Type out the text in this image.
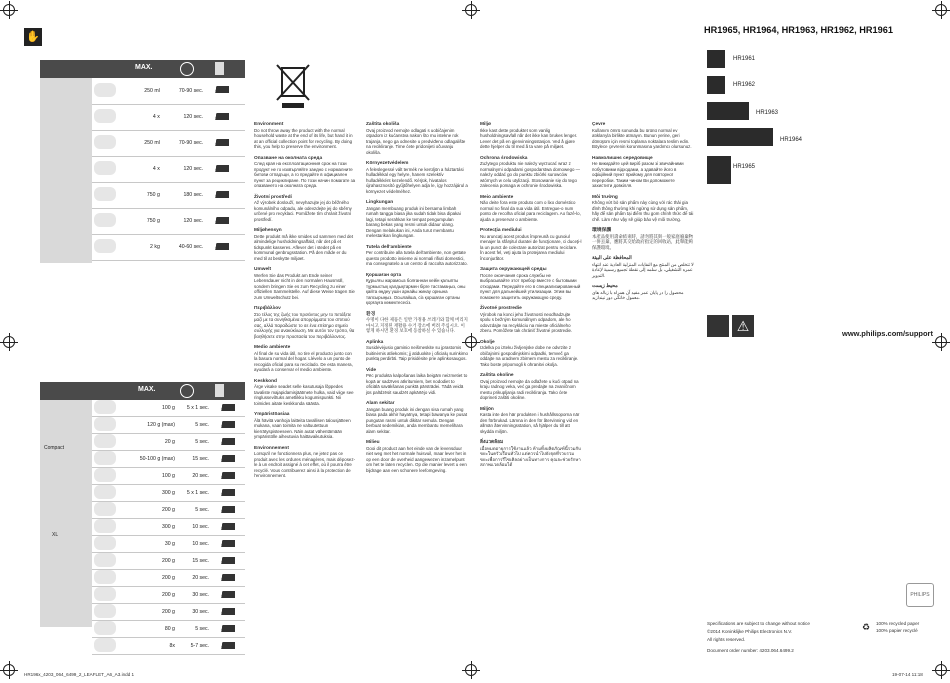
✋
MAX.
	250 ml	70-90 sec.	
	4 x	120 sec.	
	250 ml	70-90 sec.	
	4 x	120 sec.	
	750 g	180 sec.	
	750 g	120 sec.	
	2 kg	40-60 sec.	
MAX.
Compact
XL
	100 g	5 x 1 sec.	
	120 g (max)	5 sec.	
	20 g	5 sec.	
	50-100 g (max)	15 sec.	
	100 g	20 sec.	
	300 g	5 x 1 sec.	
	200 g	5 sec.	
	300 g	10 sec.	
	30 g	10 sec.	
	200 g	15 sec.	
	200 g	20 sec.	
	200 g	30 sec.	
	200 g	30 sec.	
	80 g	5 sec.	
	8x	5-7 sec.	

Environment
Do not throw away the product with the normal household waste at the end of its life, but hand it in at an official collection point for recycling. By doing this, you help to preserve the environment.

Опазване на околната среда
След края на експлоатационния срок на този продукт не го изхвърляйте заедно с нормалните битови отпадъци, а го предайте в официален пункт за рециклиране. По този начин помагате за опазването на околната среда.

Životní prostředí
Až výrobek doslouží, nevyhazujte jej do běžného komunálního odpadu, ale odevzdejte jej do sběrny určené pro recyklaci. Pomůžete tím chránit životní prostředí.

Miljøhensyn
Dette produkt må ikke smides ud sammen med det almindelige husholdningsaffald, når det på et tidspunkt kasseres. Aflever det i stedet på en kommunal genbrugsstation. På den måde er du med til at beskytte miljøet.

Umwelt
Werfen Sie das Produkt am Ende seiner Lebensdauer nicht in den normalen Hausmüll, sondern bringen Sie es zum Recycling zu einer offiziellen Sammelstelle. Auf diese Weise tragen Sie zum Umweltschutz bei.

Περιβάλλον
Στο τέλος της ζωής του προϊόντος μην το πετάξετε μαζί με τα συνηθισμένα απορρίμματα του σπιτιού σας, αλλά παραδώστε το σε ένα επίσημο σημείο συλλογής για ανακύκλωση. Με αυτόν τον τρόπο, θα βοηθήσετε στην προστασία του περιβάλλοντος.

Medio ambiente
Al final de su vida útil, no tire el producto junto con la basura normal del hogar. Llévelo a un punto de recogida oficial para su reciclado. De esta manera, ayudará a conservar el medio ambiente.

Keskkond
Ärge visake seadet selle kasutusaja lõppedes tavaliste majapidamisjäätmete hulka, vaid viige see ringlussevõtuks ametlikku kogumispunkti. Nii toimides aitate keskkonda säästa.

Ympäristöasiaa
Älä hävitä vanhoja laitteita tavallisen talousjätteen mukana, vaan toimita ne valtuutettuun kierrätyspisteeseen. Näin autat vähentämään ympäristölle aiheutuvia haittavaikutuksia.

Environnement
Lorsqu'il ne fonctionnera plus, ne jetez pas ce produit avec les ordures ménagères, mais déposez-le à un endroit assigné à cet effet, où il pourra être recyclé. Vous contribuerez ainsi à la protection de l'environnement.

Zaštita okoliša
Ovaj proizvod nemojte odlagati s uobičajenim otpadom iz kućanstva nakon što mu istekne rok trajanja, nego ga odnesite u predviđeno odlagalište na recikliranje. Time ćete pridonijeti očuvanju okoliša.

Környezetvédelem
A feleslegessé vált termék ne kerüljön a háztartási hulladékkal egy helyre, hanem szelektív hulladékként kezelendő. Kérjük, hivatalos újrahasznosító gyűjtőhelyen adja le, így hozzájárul a környezet védelméhez.

Lingkungan
Jangan membuang produk ini bersama limbah rumah tangga biasa jika sudah tidak bisa dipakai lagi, tetapi serahkan ke tempat pengumpulan barang bekas yang resmi untuk didaur ulang. Dengan melakukan ini, Anda turut membantu melestarikan lingkungan.

Tutela dell'ambiente
Per contribuire alla tutela dell'ambiente, non gettate questo prodotto insieme ai normali rifiuti domestici, ma consegnatelo a un centro di raccolta autorizzato.

Қоршаған орта
Құрылғы жарамсыз болғаннан кейін қалыпты тұрмыстық қалдықтармен бірге тастамаңыз, оны қайта өңдеу үшін арнайы жинау орнына тапсырыңыз. Осылайша, сіз қоршаған ортаны қорғауға көмектесесіз.

환경
수명이 다한 제품은 일반 가정용 쓰레기와 함께 버리지 마시고 지정된 재활용 수거 장소에 버려 주십시오. 이렇게 하시면 환경 보호에 동참하실 수 있습니다.

Aplinka
Susidėvėjusio gaminio neišmeskite su įprastomis buitinėmis atliekomis; jį atiduokite į oficialų surinkimo punktą perdirbti. Taip prisidėsite prie aplinkosaugos.

Vide
Pēc produkta kalpošanas laika beigām neizmetiet to kopā ar sadzīves atkritumiem, bet nododiet to oficiālā savākšanas punktā pārstrādei. Tādā veidā jūs palīdzēsit saudzēt apkārtējo vidi.

Alam sekitar
Jangan buang produk ini dengan sisa rumah yang biasa pada akhir hayatnya, tetapi bawanya ke pusat pungutan rasmi untuk dikitar semula. Dengan berbuat sedemikian, anda membantu memelihara alam sekitar.

Milieu
Gooi dit product aan het einde van de levensduur niet weg met het normale huisvuil, maar lever het in op een door de overheid aangewezen inzamelpunt om het te laten recyclen. Op die manier levert u een bijdrage aan een schonere leefomgeving.

Miljø
Ikke kast dette produktet som vanlig husholdningsavfall når det ikke kan brukes lenger. Lever det på en gjenvinningsstasjon. Ved å gjøre dette hjelper du til med å ta vare på miljøet.

Ochrona środowiska
Zużytego produktu nie należy wyrzucać wraz z normalnymi odpadami gospodarstwa domowego — należy oddać go do punktu zbiórki surowców wtórnych w celu utylizacji. Stosowanie się do tego zalecenia pomaga w ochronie środowiska.

Meio ambiente
Não deite fora este produto com o lixo doméstico normal no final da sua vida útil. Entregue-o num ponto de recolha oficial para reciclagem. Ao fazê-lo, ajuda a preservar o ambiente.

Protecţia mediului
Nu aruncaţi acest produs împreună cu gunoiul menajer la sfârşitul duratei de funcţionare, ci duceţi-l la un punct de colectare autorizat pentru reciclare. În acest fel, veţi ajuta la protejarea mediului înconjurător.

Защита окружающей среды
После окончания срока службы не выбрасывайте этот прибор вместе с бытовыми отходами. Передайте его в специализированный пункт для дальнейшей утилизации. Этим вы поможете защитить окружающую среду.

Životné prostredie
Výrobok na konci jeho životnosti neodhadzujte spolu s bežným komunálnym odpadom, ale ho odovzdajte na recykláciu na mieste oficiálneho zberu. Pomôžete tak chrániť životné prostredie.

Okolje
Izdelka po izteku življenjske dobe ne odvrzite z običajnimi gospodinjskimi odpadki, temveč ga oddajte na uradnem zbirnem mestu za recikliranje. Tako boste pripomogli k ohranitvi okolja.

Zaštita okoline
Ovaj proizvod nemojte da odlažete u kući otpad na kraju radnog veka, već ga predajte na zvaničnom mestu prikupljanja radi recikliranja. Tako ćete doprineti zaštiti okoline.

Miljön
Kasta inte den här produkten i hushållssoporna när den förbrukad. Lämna in den för återvinning vid en allmän återvinningsstation, så hjälper du till att skydda miljön.

สิ่งแวดล้อม
เมื่อหมดอายุการใช้งานแล้ว ห้ามทิ้งผลิตภัณฑ์นี้รวมกับขยะในครัวเรือนทั่วไป แต่ควรนำไปยังจุดที่รวบรวมขยะเพื่อการรีไซเคิลอย่างเป็นทางการ คุณจะช่วยรักษาสภาพแวดล้อมได้

Çevre
Kullanım ömrü sonunda bu ürünü normal ev atıklarıyla birlikte atmayın. Bunun yerine, geri dönüşüm için resmi toplama noktalara teslim edin. Böylece çevrenin korunmasına yardımcı olursunuz.

Навколишнє середовище
Не викидайте цей виріб разом зі звичайними побутовими відходами, а здавайте його в офіційний пункт прийому для повторної переробки. Таким чином Ви допоможете захистити довкілля.

Môi trường
Không vứt bỏ sản phẩm này cùng với rác thải gia đình thông thường khi ngừng sử dụng sản phẩm, hãy để sản phẩm tại điểm thu gom chính thức để tái chế. Làm như vậy sẽ giúp bảo vệ môi trường.

環境保護
本產品使用壽命結束時，請勿將其與一般家庭廢棄物一併丟棄，應將其交給政府指定的回收站，此舉能夠保護環境。

المحافظة على البيئة
لا تتخلص من المنتج مع النفايات المنزلية العادية عند انتهاء عمره التشغيلي، بل سلمه إلى نقطة تجميع رسمية لإعادة التدوير.

محیط زیست
محصول را در پایان عمر مفید آن همراه با زباله های معمول خانگی دور نیندازید.

HR1965, HR1964, HR1963, HR1962, HR1961
HR1961
HR1962
HR1963
HR1964
HR1965
⚠	www.philips.com/support
PHILIPS
Specifications are subject to change without notice
©2014 Koninklijke Philips Electronics N.V.
All rights reserved.
Document order number: 4203.064.6499.2
♻ 100% recycled paper
100% papier recyclé
HR196x_4203_064_6499_2_LEAFLET_A6_A3.indd 1	19-07-14 11:18
